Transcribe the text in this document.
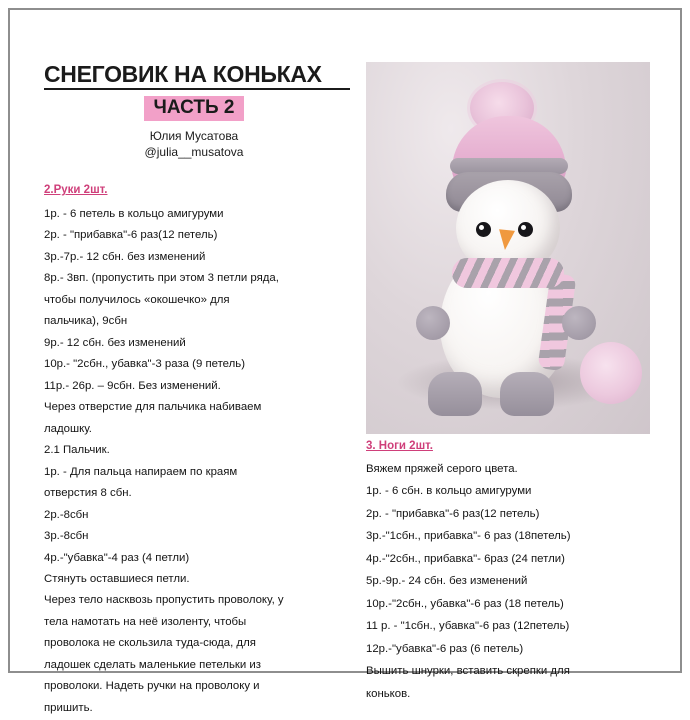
СНЕГОВИК НА КОНЬКАХ
ЧАСТЬ 2
Юлия Мусатова
@julia__musatova
2.Руки 2шт.

1р. - 6 петель в кольцо амигуруми

2р. - "прибавка"-6 раз(12 петель)

3р.-7р.- 12 сбн. без изменений

8р.- 3вп. (пропустить при этом 3 петли ряда,

чтобы получилось «окошечко» для

пальчика), 9сбн

9р.- 12 сбн. без изменений

10р.- "2сбн., убавка"-3 раза (9 петель)

11р.- 26р. – 9сбн. Без изменений.

Через отверстие для пальчика набиваем

ладошку.

2.1 Пальчик.

1р. - Для пальца напираем по краям

отверстия 8 сбн.

2р.-8сбн

3р.-8сбн

4р.-"убавка"-4 раз (4 петли)

Стянуть оставшиеся петли.

Через тело насквозь пропустить проволоку, у

тела намотать на неё изоленту, чтобы

проволока не скользила туда-сюда, для

ладошек сделать маленькие петельки из

проволоки. Надеть ручки на проволоку и

пришить.

3. Ноги 2шт.

Вяжем пряжей серого цвета.

1р. - 6 сбн. в кольцо амигуруми

2р. - "прибавка"-6 раз(12 петель)

3р.-"1сбн., прибавка"- 6 раз (18петель)

4р.-"2сбн., прибавка"- 6раз (24 петли)

5р.-9р.- 24 сбн. без изменений

10р.-"2сбн., убавка"-6 раз (18 петель)

11 р. - "1сбн., убавка"-6 раз (12петель)

12р.-"убавка"-6 раз (6 петель)

Вышить шнурки, вставить скрепки для

коньков.
